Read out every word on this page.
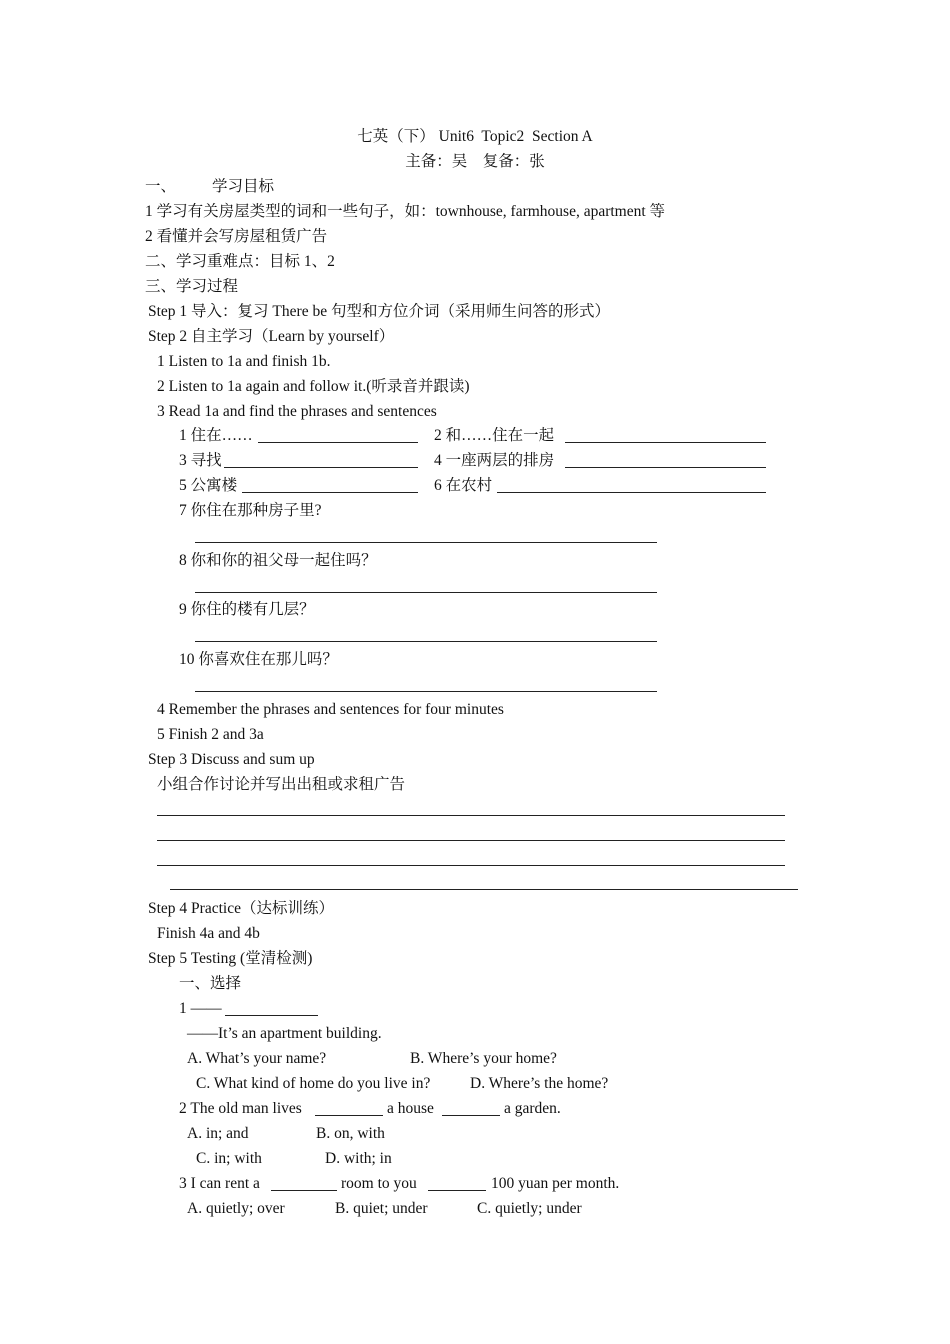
七英（下） Unit6  Topic2  Section A
主备：吴    复备：张
一、 学习目标
1 学习有关房屋类型的词和一些句子，如：townhouse, farmhouse, apartment 等
2 看懂并会写房屋租赁广告
二、学习重难点：目标 1、2
三、学习过程
Step 1 导入：复习 There be 句型和方位介词（采用师生问答的形式）
Step 2 自主学习（Learn by yourself）
1 Listen to 1a and finish 1b.
2 Listen to 1a again and follow it.(听录音并跟读)
3 Read 1a and find the phrases and sentences
1 住在……	2 和……住在一起
3 寻找	4 一座两层的排房
5 公寓楼	6 在农村
7 你住在那种房子里?
8 你和你的祖父母一起住吗？
9 你住的楼有几层？
10 你喜欢住在那儿吗？
4 Remember the phrases and sentences for four minutes
5 Finish 2 and 3a
Step 3 Discuss and sum up
小组合作讨论并写出出租或求租广告
Step 4 Practice（达标训练）
Finish 4a and 4b
Step 5 Testing (堂清检测)
一、选择
1 ——
——It’s an apartment building.
A. What’s your name?	B. Where’s your home?
C. What kind of home do you live in?	D. Where’s the home?
2 The old man lives	a house	a garden.
A. in; and	B. on, with
C. in; with	D. with; in
3 I can rent a	room to you	100 yuan per month.
A. quietly; over	B. quiet; under	C. quietly; under
